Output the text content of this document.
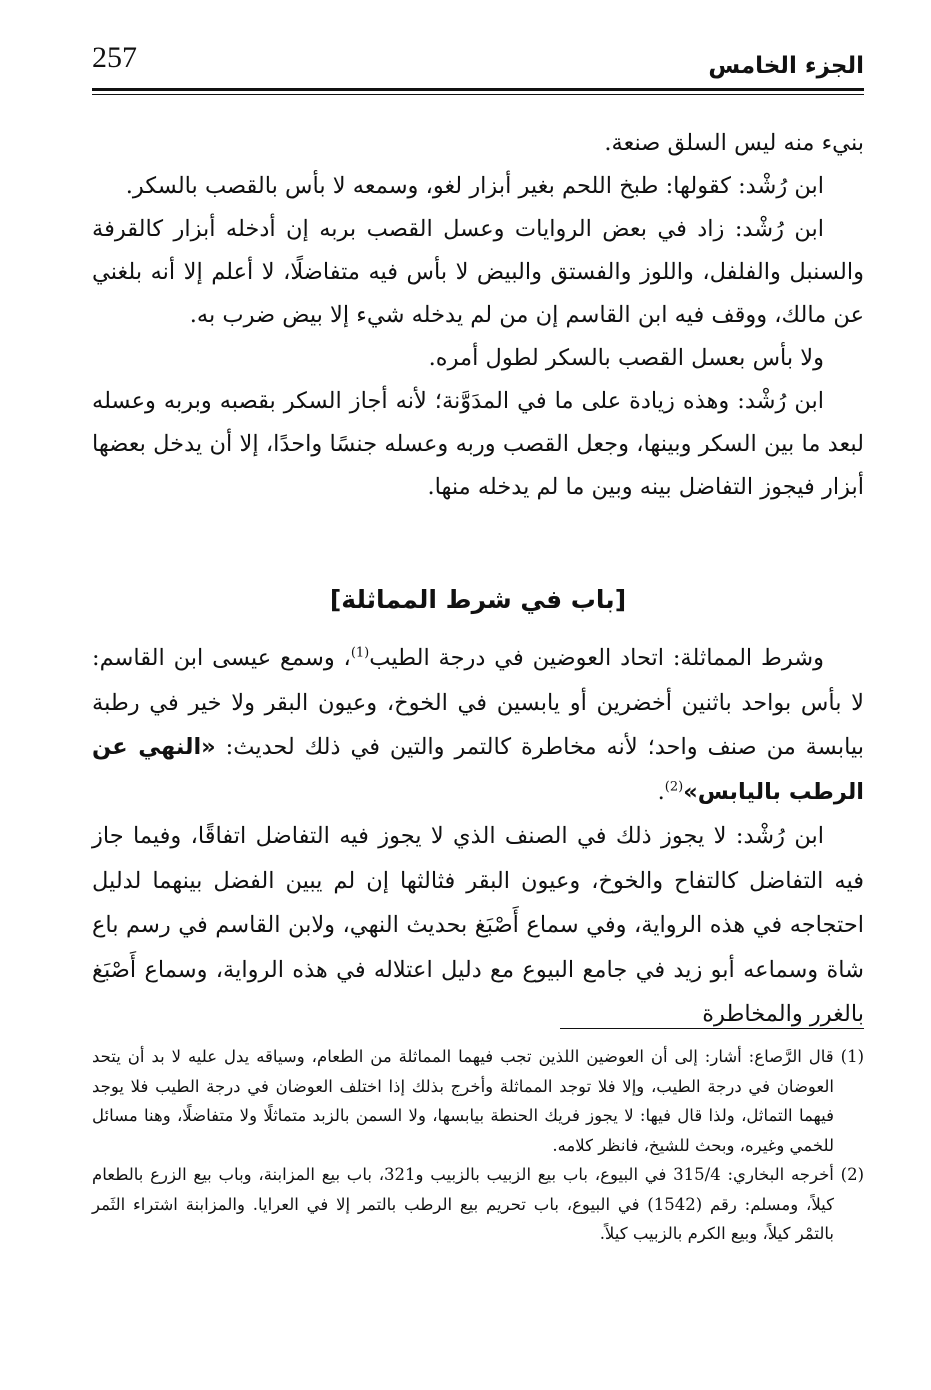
257	الجزء الخامس

بنيء منه ليس السلق صنعة.

ابن رُشْد: كقولها: طبخ اللحم بغير أبزار لغو، وسمعه لا بأس بالقصب بالسكر.

ابن رُشْد: زاد في بعض الروايات وعسل القصب بربه إن أدخله أبزار كالقرفة والسنبل والفلفل، واللوز والفستق والبيض لا بأس فيه متفاضلًا، لا أعلم إلا أنه بلغني عن مالك، ووقف فيه ابن القاسم إن من لم يدخله شيء إلا بيض ضرب به.

ولا بأس بعسل القصب بالسكر لطول أمره.

ابن رُشْد: وهذه زيادة على ما في المدَوَّنة؛ لأنه أجاز السكر بقصبه وبربه وعسله لبعد ما بين السكر وبينها، وجعل القصب وربه وعسله جنسًا واحدًا، إلا أن يدخل بعضها أبزار فيجوز التفاضل بينه وبين ما لم يدخله منها.

[باب في شرط المماثلة]

وشرط المماثلة: اتحاد العوضين في درجة الطيب$^{(1)}$، وسمع عيسى ابن القاسم: لا بأس بواحد باثنين أخضرين أو يابسين في الخوخ، وعيون البقر ولا خير في رطبة بيابسة من صنف واحد؛ لأنه مخاطرة كالتمر والتين في ذلك لحديث: «النهي عن الرطب باليابس»$^{(2)}$.

ابن رُشْد: لا يجوز ذلك في الصنف الذي لا يجوز فيه التفاضل اتفاقًا، وفيما جاز فيه التفاضل كالتفاح والخوخ، وعيون البقر فثالثها إن لم يبين الفضل بينهما لدليل احتجاجه في هذه الرواية، وفي سماع أَصْبَغ بحديث النهي، ولابن القاسم في رسم باع شاة وسماعه أبو زيد في جامع البيوع مع دليل اعتلاله في هذه الرواية، وسماع أَصْبَغ بالغرر والمخاطرة

(1) قال الرَّصاع: أشار: إلى أن العوضين اللذين تجب فيهما المماثلة من الطعام، وسياقه يدل عليه لا بد أن يتحد العوضان في درجة الطيب، وإلا فلا توجد المماثلة وأخرج بذلك إذا اختلف العوضان في درجة الطيب فلا يوجد فيهما التماثل، ولذا قال فيها: لا يجوز فريك الحنطة بيابسها، ولا السمن بالزبد متماثلًا ولا متفاضلًا، وهنا مسائل للخمي وغيره، وبحث للشيخ، فانظر كلامه.

(2) أخرجه البخاري: 315/4 في البيوع، باب بيع الزبيب بالزبيب و321، باب بيع المزابنة، وباب بيع الزرع بالطعام كيلاً، ومسلم: رقم (1542) في البيوع، باب تحريم بيع الرطب بالتمر إلا في العرايا. والمزابنة اشتراء الثَمر بالتمْر كيلاً، وبيع الكرم بالزبيب كيلاً.
